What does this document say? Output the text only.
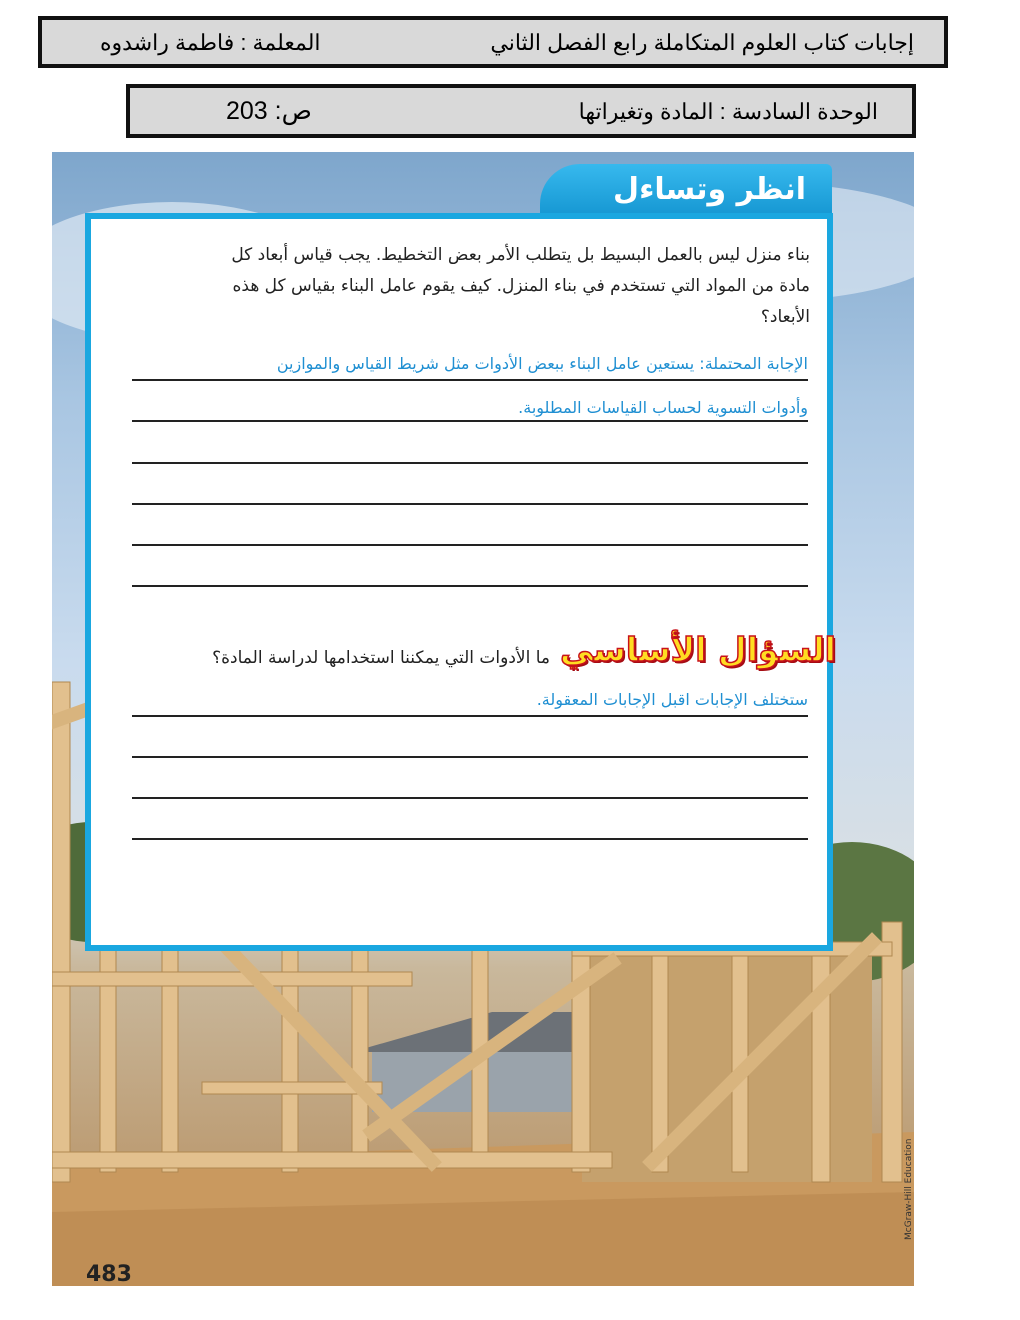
إجابات كتاب العلوم المتكاملة رابع الفصل الثاني
المعلمة : فاطمة راشدوه
الوحدة السادسة : المادة وتغيراتها
ص: 203
انظر وتساءل
بناء منزل ليس بالعمل البسيط بل يتطلب الأمر بعض التخطيط. يجب قياس أبعاد كل مادة من المواد التي تستخدم في بناء المنزل. كيف يقوم عامل البناء بقياس كل هذه الأبعاد؟
الإجابة المحتملة: يستعين عامل البناء ببعض الأدوات مثل شريط القياس والموازين
وأدوات التسوية لحساب القياسات المطلوبة.
السؤال الأساسي
ما الأدوات التي يمكننا استخدامها لدراسة المادة؟
ستختلف الإجابات اقبل الإجابات المعقولة.
483
McGraw-Hill Education
